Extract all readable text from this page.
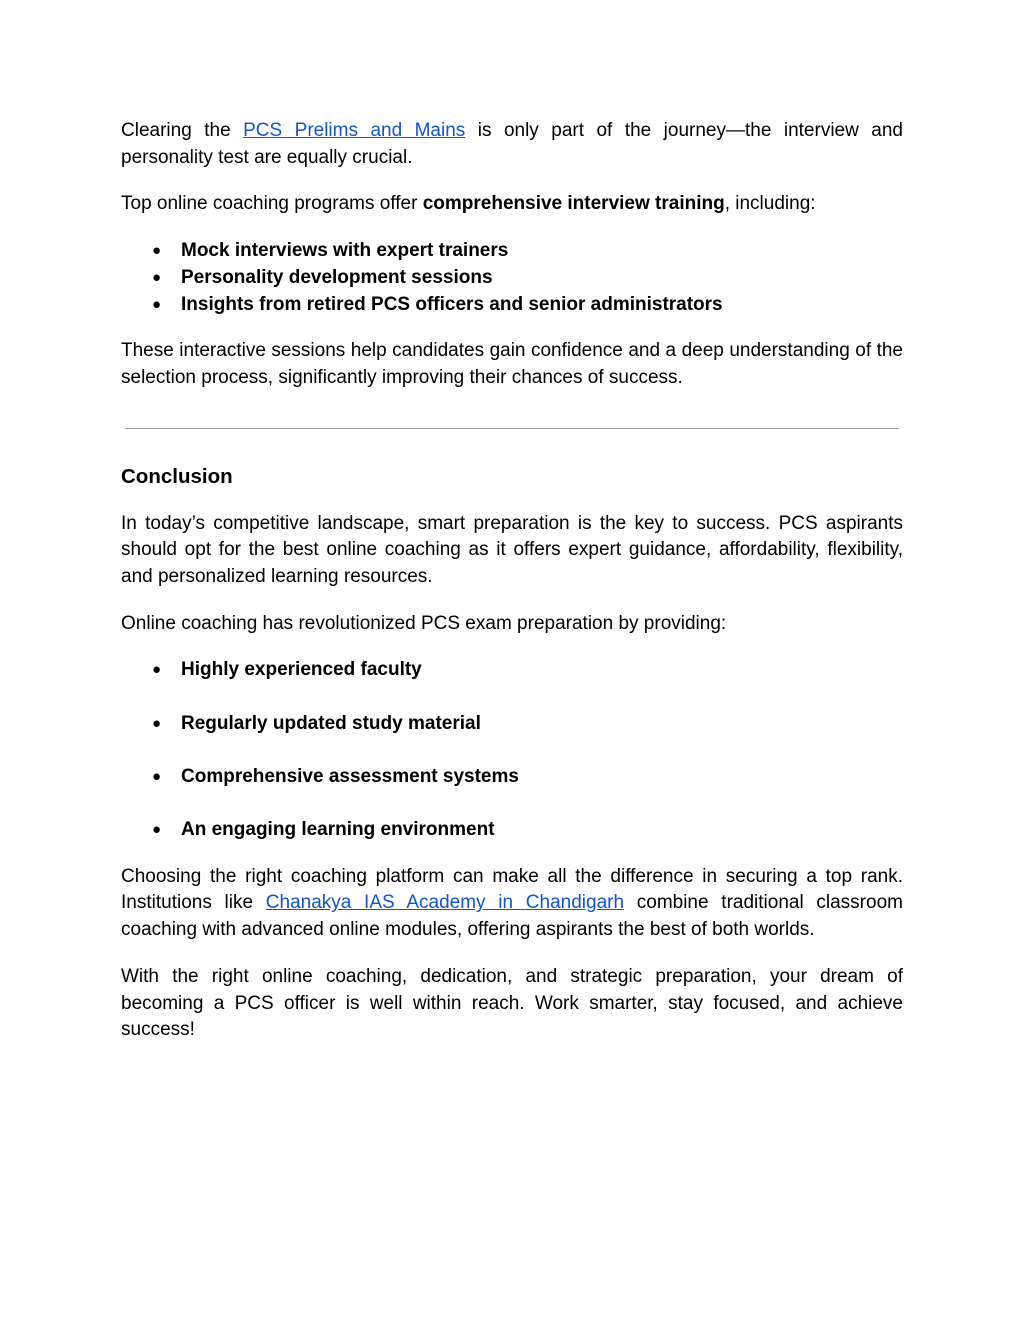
Clearing the PCS Prelims and Mains is only part of the journey—the interview and personality test are equally crucial.

Top online coaching programs offer comprehensive interview training, including:

● Mock interviews with expert trainers
● Personality development sessions
● Insights from retired PCS officers and senior administrators

These interactive sessions help candidates gain confidence and a deep understanding of the selection process, significantly improving their chances of success.

Conclusion

In today’s competitive landscape, smart preparation is the key to success. PCS aspirants should opt for the best online coaching as it offers expert guidance, affordability, flexibility, and personalized learning resources.

Online coaching has revolutionized PCS exam preparation by providing:

● Highly experienced faculty
● Regularly updated study material
● Comprehensive assessment systems
● An engaging learning environment

Choosing the right coaching platform can make all the difference in securing a top rank. Institutions like Chanakya IAS Academy in Chandigarh combine traditional classroom coaching with advanced online modules, offering aspirants the best of both worlds.

With the right online coaching, dedication, and strategic preparation, your dream of becoming a PCS officer is well within reach. Work smarter, stay focused, and achieve success!
